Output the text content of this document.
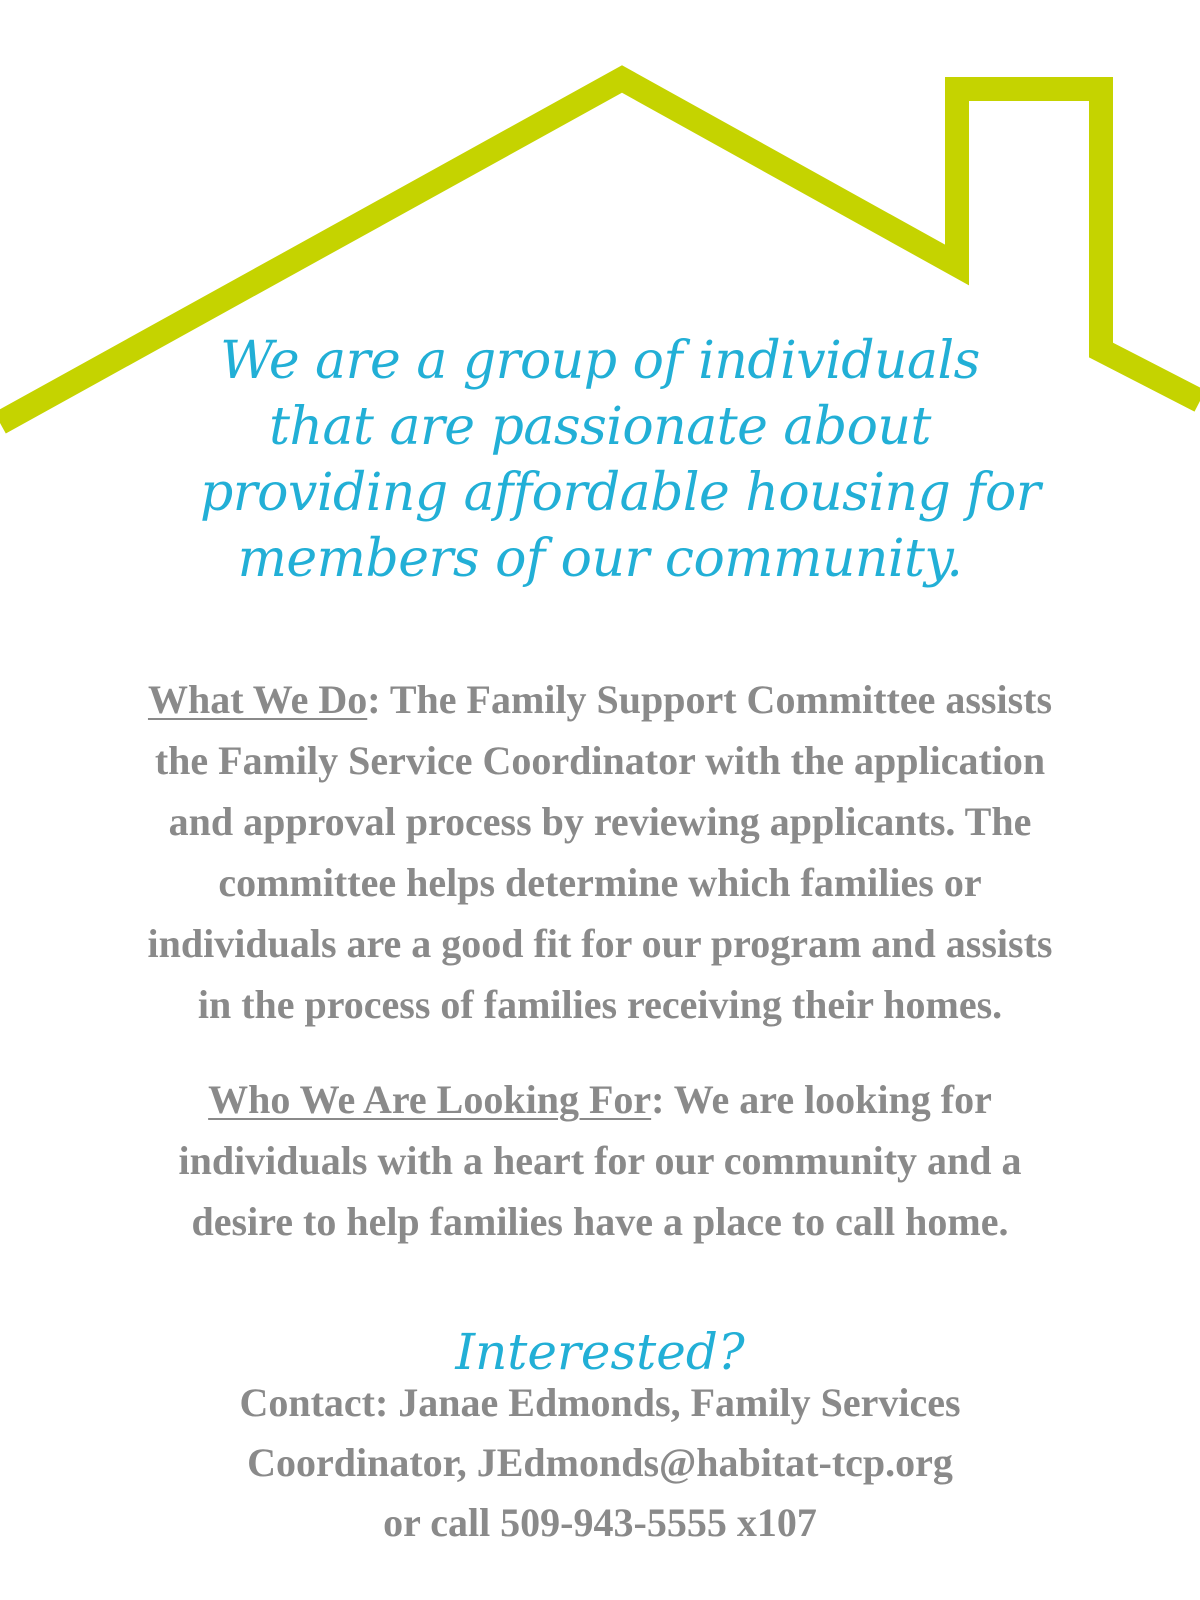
We are a group of individuals
that are passionate about
providing affordable housing for
members of our community.
What We Do: The Family Support Committee assists
the Family Service Coordinator with the application
and approval process by reviewing applicants. The
committee helps determine which families or
individuals are a good fit for our program and assists
in the process of families receiving their homes.
Who We Are Looking For: We are looking for
individuals with a heart for our community and a
desire to help families have a place to call home.
Interested?
Contact: Janae Edmonds, Family Services
Coordinator, JEdmonds@habitat-tcp.org
or call 509-943-5555 x107
